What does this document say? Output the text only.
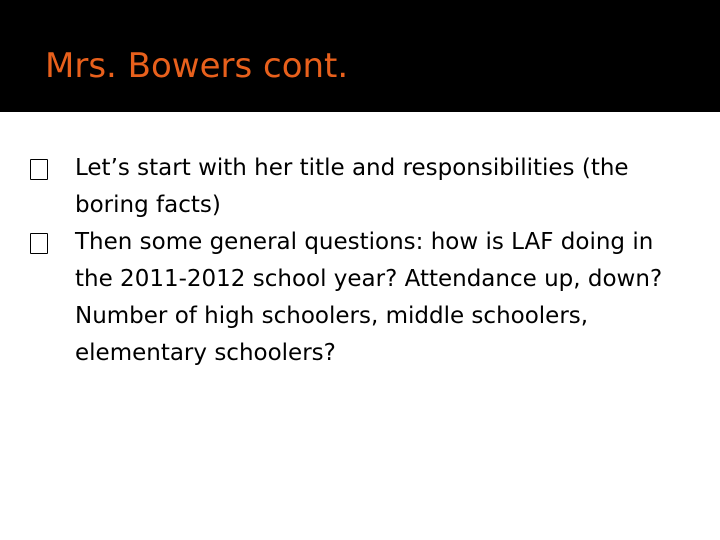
Mrs. Bowers cont.
Let’s start with her title and responsibilities (the boring facts)
Then some general questions: how is LAF doing in the 2011-2012 school year? Attendance up, down? Number of high schoolers, middle schoolers, elementary schoolers?
